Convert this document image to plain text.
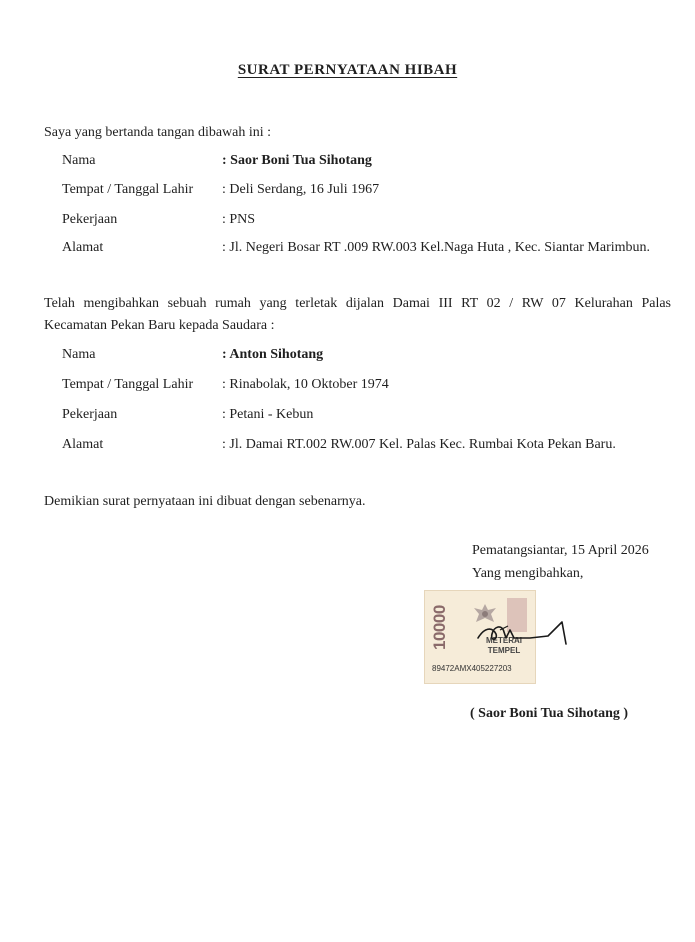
SURAT PERNYATAAN HIBAH
Saya yang bertanda tangan dibawah ini :
Nama	: Saor Boni Tua Sihotang
Tempat / Tanggal Lahir : Deli Serdang, 16 Juli 1967
Pekerjaan	: PNS
Alamat	: Jl. Negeri Bosar RT .009 RW.003 Kel.Naga Huta , Kec. Siantar Marimbun.
Telah mengibahkan sebuah rumah yang terletak dijalan Damai III RT 02 / RW 07 Kelurahan Palas
Kecamatan Pekan Baru kepada Saudara :
Nama	: Anton Sihotang
Tempat / Tanggal Lahir : Rinabolak, 10 Oktober 1974
Pekerjaan	: Petani - Kebun
Alamat	: Jl. Damai RT.002 RW.007 Kel. Palas Kec. Rumbai Kota Pekan Baru.
Demikian surat pernyataan ini dibuat dengan sebenarnya.
Pematangsiantar, 15 April 2026
Yang mengibahkan,
10000	METERAI
TEMPEL
89472AMX405227203
( Saor Boni Tua Sihotang )
